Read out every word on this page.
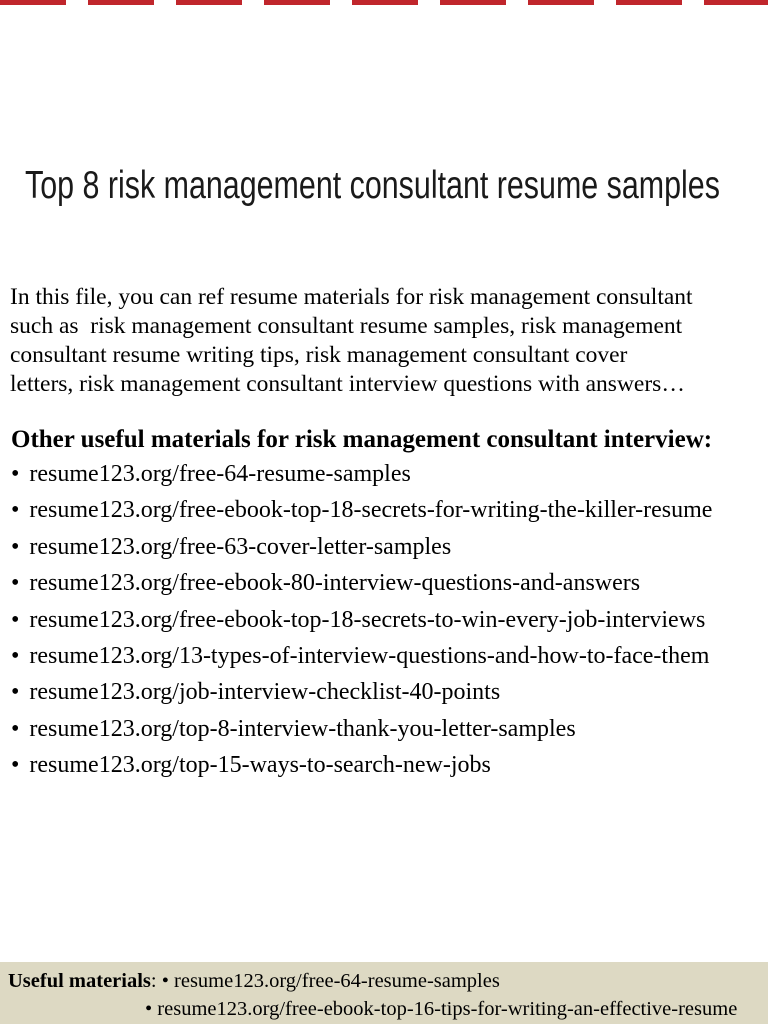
Top 8 risk management consultant resume samples
In this file, you can ref resume materials for risk management consultant
such as  risk management consultant resume samples, risk management
consultant resume writing tips, risk management consultant cover
letters, risk management consultant interview questions with answers…
Other useful materials for risk management consultant interview:
• resume123.org/free-64-resume-samples
• resume123.org/free-ebook-top-18-secrets-for-writing-the-killer-resume
• resume123.org/free-63-cover-letter-samples
• resume123.org/free-ebook-80-interview-questions-and-answers
• resume123.org/free-ebook-top-18-secrets-to-win-every-job-interviews
• resume123.org/13-types-of-interview-questions-and-how-to-face-them
• resume123.org/job-interview-checklist-40-points
• resume123.org/top-8-interview-thank-you-letter-samples
• resume123.org/top-15-ways-to-search-new-jobs
Useful materials: • resume123.org/free-64-resume-samples
• resume123.org/free-ebook-top-16-tips-for-writing-an-effective-resume
